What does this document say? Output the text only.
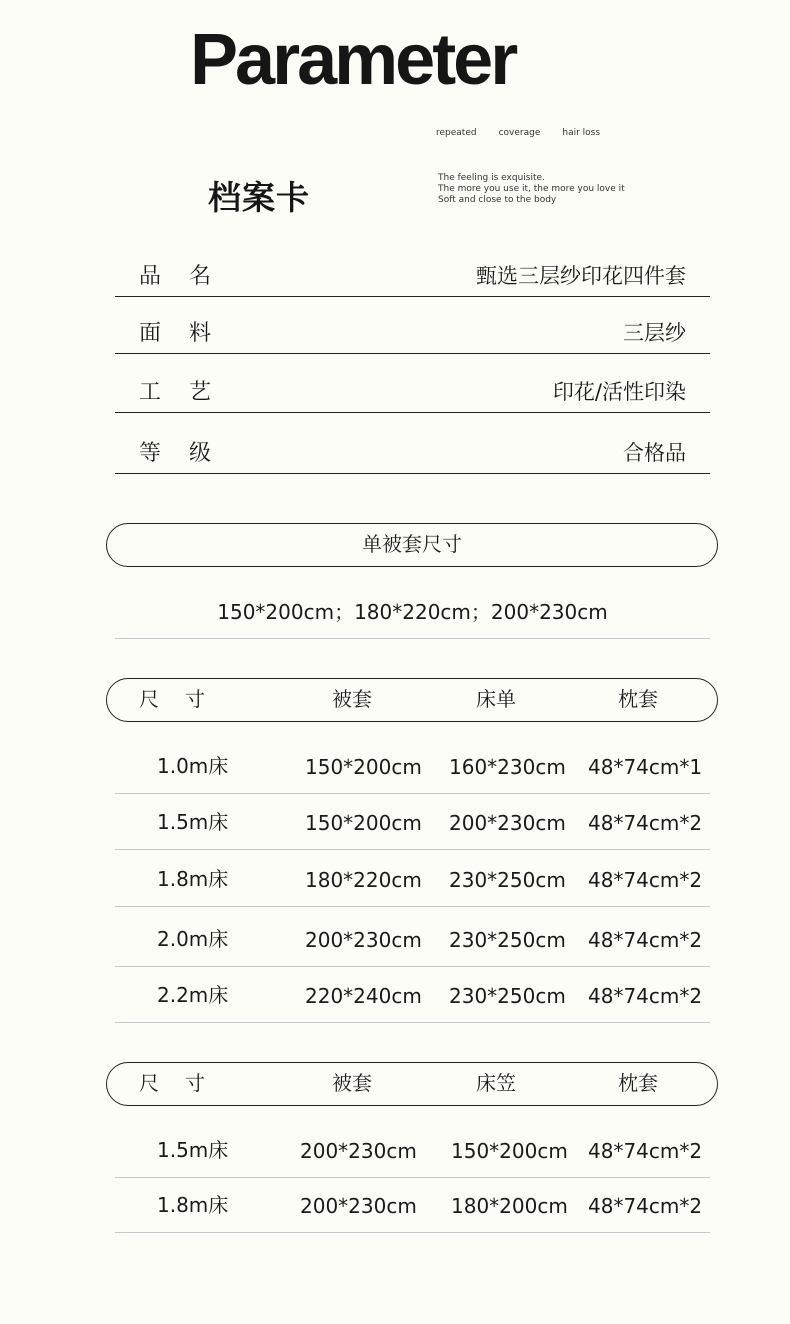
Parameter
repeated coverage hair loss
档案卡	The feeling is exquisite.
The more you use it, the more you love it
Soft and close to the body
品名	甄选三层纱印花四件套
面料	三层纱
工艺	印花/活性印染
等级	合格品
单被套尺寸
150*200cm；180*220cm；200*230cm
尺寸	被套	床单	枕套
1.0m床	150*200cm 160*230cm 48*74cm*1
1.5m床	150*200cm 200*230cm 48*74cm*2
1.8m床	180*220cm 230*250cm 48*74cm*2
2.0m床	200*230cm 230*250cm 48*74cm*2
2.2m床	220*240cm 230*250cm 48*74cm*2
尺寸	被套	床笠	枕套
1.5m床	200*230cm 150*200cm 48*74cm*2
1.8m床	200*230cm 180*200cm 48*74cm*2
